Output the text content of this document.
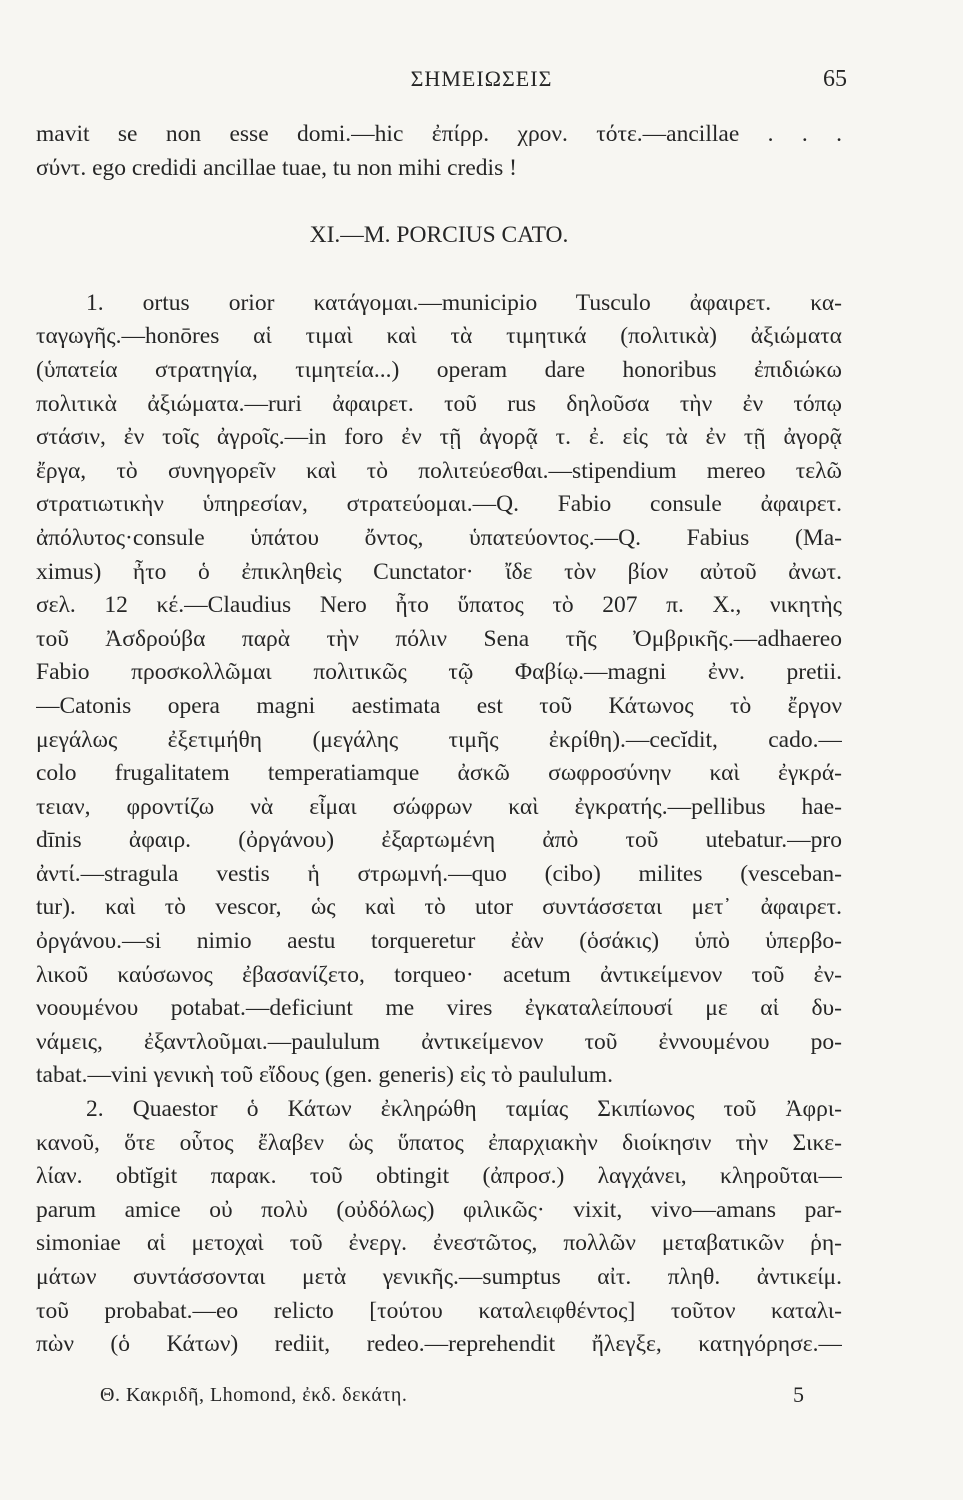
ΣΗΜΕΙΩΣΕΙΣ	65
mavit se non esse domi.—hic ἐπίρρ. χρον. τότε.—ancillae . . .
σύντ. ego credidi ancillae tuae, tu non mihi credis !
XI.—M. PORCIUS CATO.
1. ortus orior κατάγομαι.—municipio Tusculo ἀφαιρετ. κα-
ταγωγῆς.—honōres αἱ τιμαὶ καὶ τὰ τιμητικά (πολιτικὰ) ἀξιώματα
(ὑπατεία στρατηγία, τιμητεία...) operam dare honoribus ἐπιδιώκω
πολιτικὰ ἀξιώματα.—ruri ἀφαιρετ. τοῦ rus δηλοῦσα τὴν ἐν τόπῳ
στάσιν, ἐν τοῖς ἀγροῖς.—in foro ἐν τῇ ἀγορᾷ τ. ἐ. εἰς τὰ ἐν τῇ ἀγορᾷ
ἔργα, τὸ συνηγορεῖν καὶ τὸ πολιτεύεσθαι.—stipendium mereo τελῶ
στρατιωτικὴν ὑπηρεσίαν, στρατεύομαι.—Q. Fabio consule ἀφαιρετ.
ἀπόλυτος·consule ὑπάτου ὄντος, ὑπατεύοντος.—Q. Fabius (Ma-
ximus) ἦτο ὁ ἐπικληθεὶς Cunctator· ἴδε τὸν βίον αὐτοῦ ἀνωτ.
σελ. 12 κέ.—Claudius Nero ἦτο ὕπατος τὸ 207 π. Χ., νικητὴς
τοῦ Ἀσδρούβα παρὰ τὴν πόλιν Sena τῆς Ὀμβρικῆς.—adhaereo
Fabio προσκολλῶμαι πολιτικῶς τῷ Φαβίῳ.—magni ἐνν. pretii.
—Catonis opera magni aestimata est τοῦ Κάτωνος τὸ ἔργον
μεγάλως ἐξετιμήθη (μεγάλης τιμῆς ἐκρίθη).—cecĭdit, cado.—
colo frugalitatem temperatiamque ἀσκῶ σωφροσύνην καὶ ἐγκρά-
τειαν, φροντίζω νὰ εἶμαι σώφρων καὶ ἐγκρατής.—pellibus hae-
dīnis ἀφαιρ. (ὀργάνου) ἐξαρτωμένη ἀπὸ τοῦ utebatur.—pro
ἀντί.—stragula vestis ἡ στρωμνή.—quo (cibo) milites (vesceban-
tur). καὶ τὸ vescor, ὡς καὶ τὸ utor συντάσσεται μετ᾽ ἀφαιρετ.
ὀργάνου.—si nimio aestu torqueretur ἐὰν (ὁσάκις) ὑπὸ ὑπερβο-
λικοῦ καύσωνος ἐβασανίζετο, torqueo· acetum ἀντικείμενον τοῦ ἐν-
νοουμένου potabat.—deficiunt me vires ἐγκαταλείπουσί με αἱ δυ-
νάμεις, ἐξαντλοῦμαι.—paululum ἀντικείμενον τοῦ ἐννουμένου po-
tabat.—vini γενικὴ τοῦ εἴδους (gen. generis) εἰς τὸ paululum.
2. Quaestor ὁ Κάτων ἐκληρώθη ταμίας Σκιπίωνος τοῦ Ἀφρι-
κανοῦ, ὅτε οὗτος ἔλαβεν ὡς ὕπατος ἐπαρχιακὴν διοίκησιν τὴν Σικε-
λίαν. obtĭgit παρακ. τοῦ obtingit (ἀπροσ.) λαγχάνει, κληροῦται—
parum amice οὐ πολὺ (οὐδόλως) φιλικῶς· vixit, vivo—amans par-
simoniae αἱ μετοχαὶ τοῦ ἐνεργ. ἐνεστῶτος, πολλῶν μεταβατικῶν ῥη-
μάτων συντάσσονται μετὰ γενικῆς.—sumptus αἰτ. πληθ. ἀντικείμ.
τοῦ probabat.—eo relicto [τούτου καταλειφθέντος] τοῦτον καταλι-
πὼν (ὁ Κάτων) rediit, redeo.—reprehendit ἤλεγξε, κατηγόρησε.—
Θ. Κακριδῆ, Lhomond, ἐκδ. δεκάτη.	5
